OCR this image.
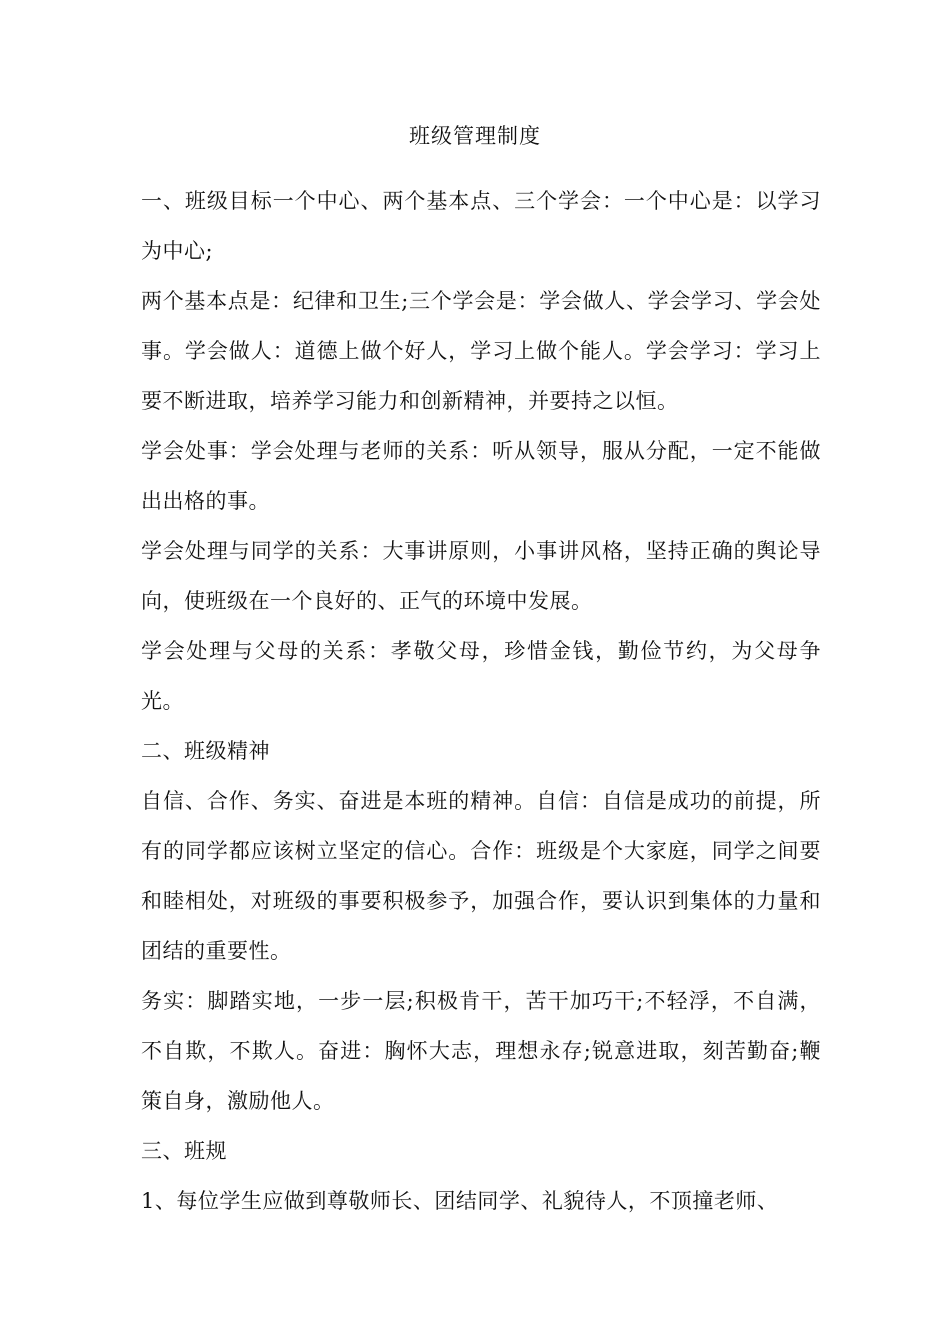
班级管理制度

一、班级目标一个中心、两个基本点、三个学会：一个中心是：以学习为中心;

两个基本点是：纪律和卫生;三个学会是：学会做人、学会学习、学会处事。学会做人：道德上做个好人，学习上做个能人。学会学习：学习上要不断进取，培养学习能力和创新精神，并要持之以恒。

学会处事：学会处理与老师的关系：听从领导，服从分配，一定不能做出出格的事。

学会处理与同学的关系：大事讲原则，小事讲风格，坚持正确的舆论导向，使班级在一个良好的、正气的环境中发展。

学会处理与父母的关系：孝敬父母，珍惜金钱，勤俭节约，为父母争光。

二、班级精神

自信、合作、务实、奋进是本班的精神。自信：自信是成功的前提，所有的同学都应该树立坚定的信心。合作：班级是个大家庭，同学之间要和睦相处，对班级的事要积极参予，加强合作，要认识到集体的力量和团结的重要性。

务实：脚踏实地，一步一层;积极肯干，苦干加巧干;不轻浮，不自满，不自欺，不欺人。奋进：胸怀大志，理想永存;锐意进取，刻苦勤奋;鞭策自身，激励他人。

三、班规

1、每位学生应做到尊敬师长、团结同学、礼貌待人，不顶撞老师、
